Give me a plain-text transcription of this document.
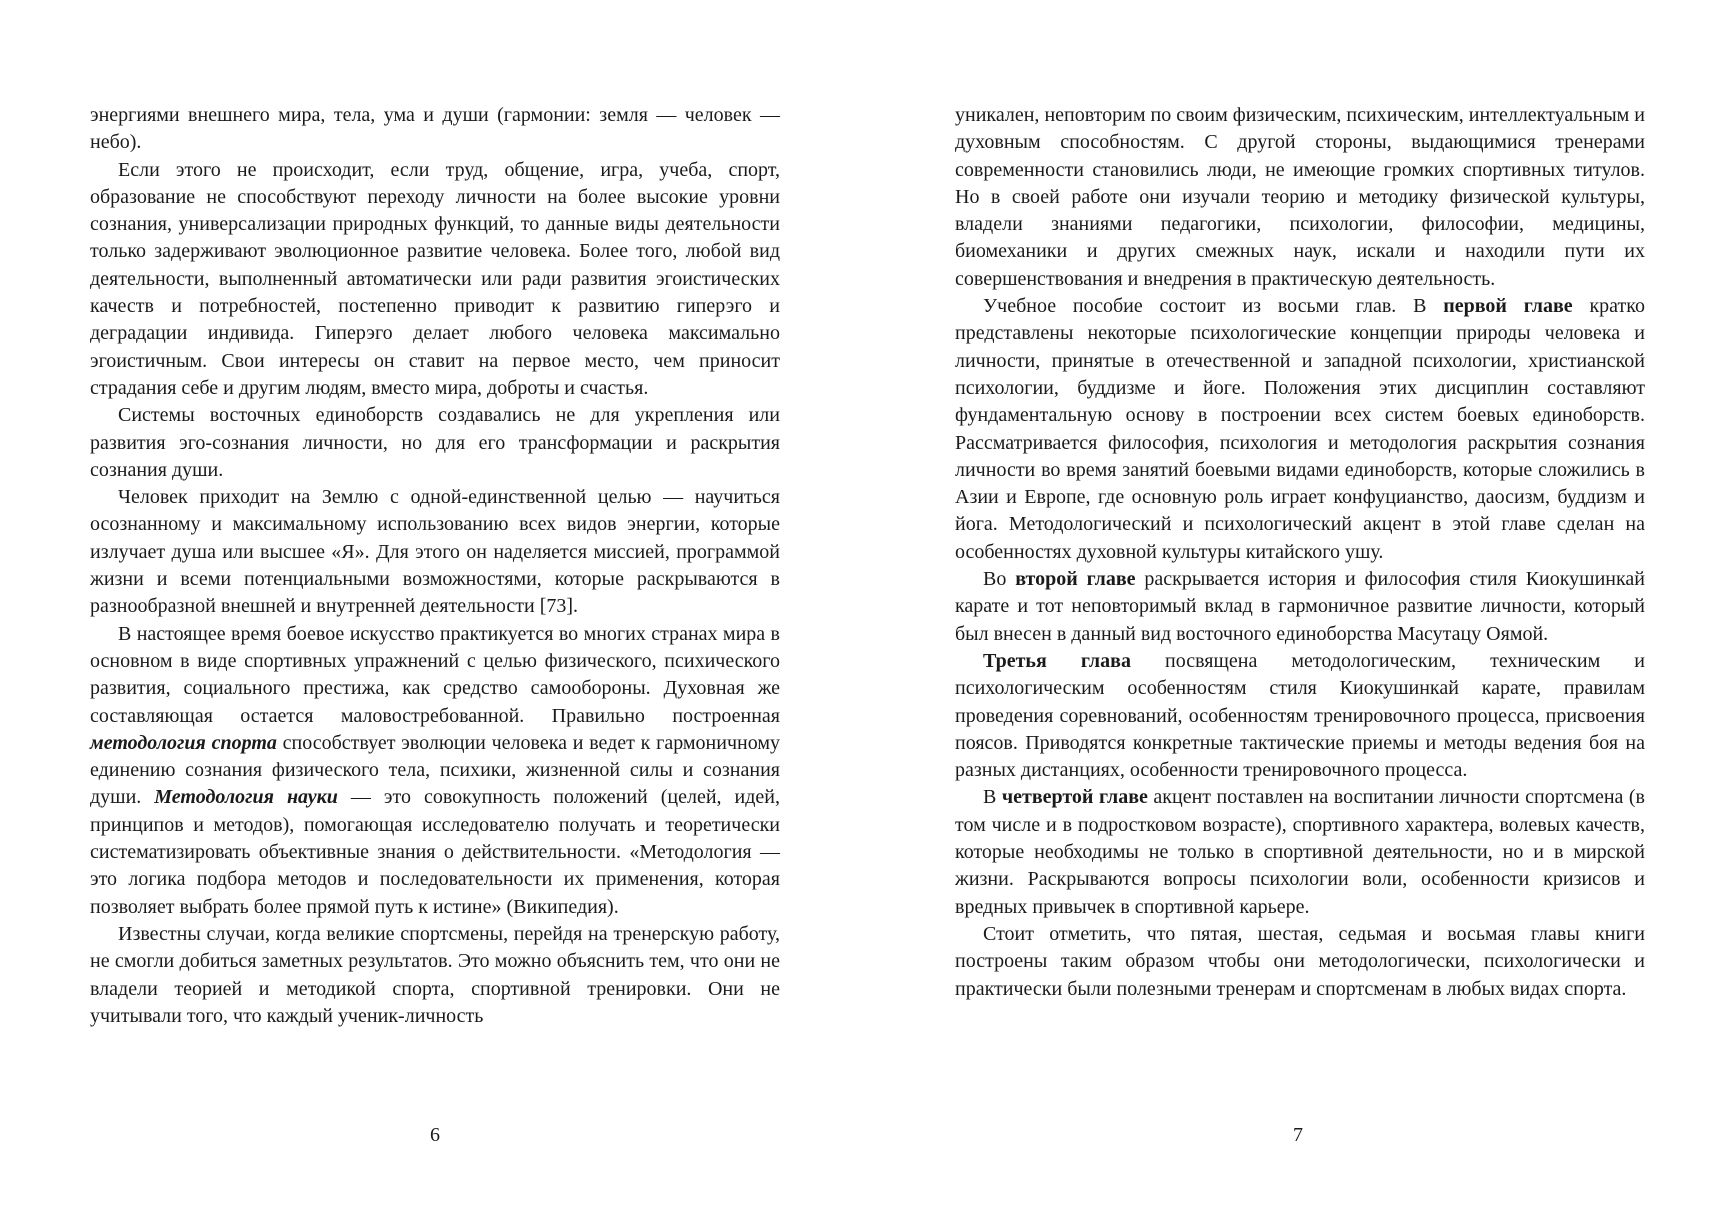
энергиями внешнего мира, тела, ума и души (гармонии: земля — человек — небо).

Если этого не происходит, если труд, общение, игра, учеба, спорт, образование не способствуют переходу личности на более высокие уровни сознания, универсализации природных функций, то данные виды деятельности только задерживают эволюционное развитие человека. Более того, любой вид деятельности, выполненный автоматически или ради развития эгоистических качеств и потребностей, постепенно приводит к развитию гиперэго и деградации индивида. Гиперэго делает любого человека максимально эгоистичным. Свои интересы он ставит на первое место, чем приносит страдания себе и другим людям, вместо мира, доброты и счастья.

Системы восточных единоборств создавались не для укрепления или развития эго-сознания личности, но для его трансформации и раскрытия сознания души.

Человек приходит на Землю с одной-единственной целью — научиться осознанному и максимальному использованию всех видов энергии, которые излучает душа или высшее «Я». Для этого он наделяется миссией, программой жизни и всеми потенциальными возможностями, которые раскрываются в разнообразной внешней и внутренней деятельности [73].

В настоящее время боевое искусство практикуется во многих странах мира в основном в виде спортивных упражнений с целью физического, психического развития, социального престижа, как средство самообороны. Духовная же составляющая остается маловостребованной. Правильно построенная методология спорта способствует эволюции человека и ведет к гармоничному единению сознания физического тела, психики, жизненной силы и сознания души. Методология науки — это совокупность положений (целей, идей, принципов и методов), помогающая исследователю получать и теоретически систематизировать объективные знания о действительности. «Методология — это логика подбора методов и последовательности их применения, которая позволяет выбрать более прямой путь к истине» (Википедия).

Известны случаи, когда великие спортсмены, перейдя на тренерскую работу, не смогли добиться заметных результатов. Это можно объяснить тем, что они не владели теорией и методикой спорта, спортивной тренировки. Они не учитывали того, что каждый ученик-личность

6

уникален, неповторим по своим физическим, психическим, интеллектуальным и духовным способностям. С другой стороны, выдающимися тренерами современности становились люди, не имеющие громких спортивных титулов. Но в своей работе они изучали теорию и методику физической культуры, владели знаниями педагогики, психологии, философии, медицины, биомеханики и других смежных наук, искали и находили пути их совершенствования и внедрения в практическую деятельность.

Учебное пособие состоит из восьми глав. В первой главе кратко представлены некоторые психологические концепции природы человека и личности, принятые в отечественной и западной психологии, христианской психологии, буддизме и йоге. Положения этих дисциплин составляют фундаментальную основу в построении всех систем боевых единоборств. Рассматривается философия, психология и методология раскрытия сознания личности во время занятий боевыми видами единоборств, которые сложились в Азии и Европе, где основную роль играет конфуцианство, даосизм, буддизм и йога. Методологический и психологический акцент в этой главе сделан на особенностях духовной культуры китайского ушу.

Во второй главе раскрывается история и философия стиля Киокушинкай карате и тот неповторимый вклад в гармоничное развитие личности, который был внесен в данный вид восточного единоборства Масутацу Оямой.

Третья глава посвящена методологическим, техническим и психологическим особенностям стиля Киокушинкай карате, правилам проведения соревнований, особенностям тренировочного процесса, присвоения поясов. Приводятся конкретные тактические приемы и методы ведения боя на разных дистанциях, особенности тренировочного процесса.

В четвертой главе акцент поставлен на воспитании личности спортсмена (в том числе и в подростковом возрасте), спортивного характера, волевых качеств, которые необходимы не только в спортивной деятельности, но и в мирской жизни. Раскрываются вопросы психологии воли, особенности кризисов и вредных привычек в спортивной карьере.

Стоит отметить, что пятая, шестая, седьмая и восьмая главы книги построены таким образом чтобы они методологически, психологически и практически были полезными тренерам и спортсменам в любых видах спорта.

7
